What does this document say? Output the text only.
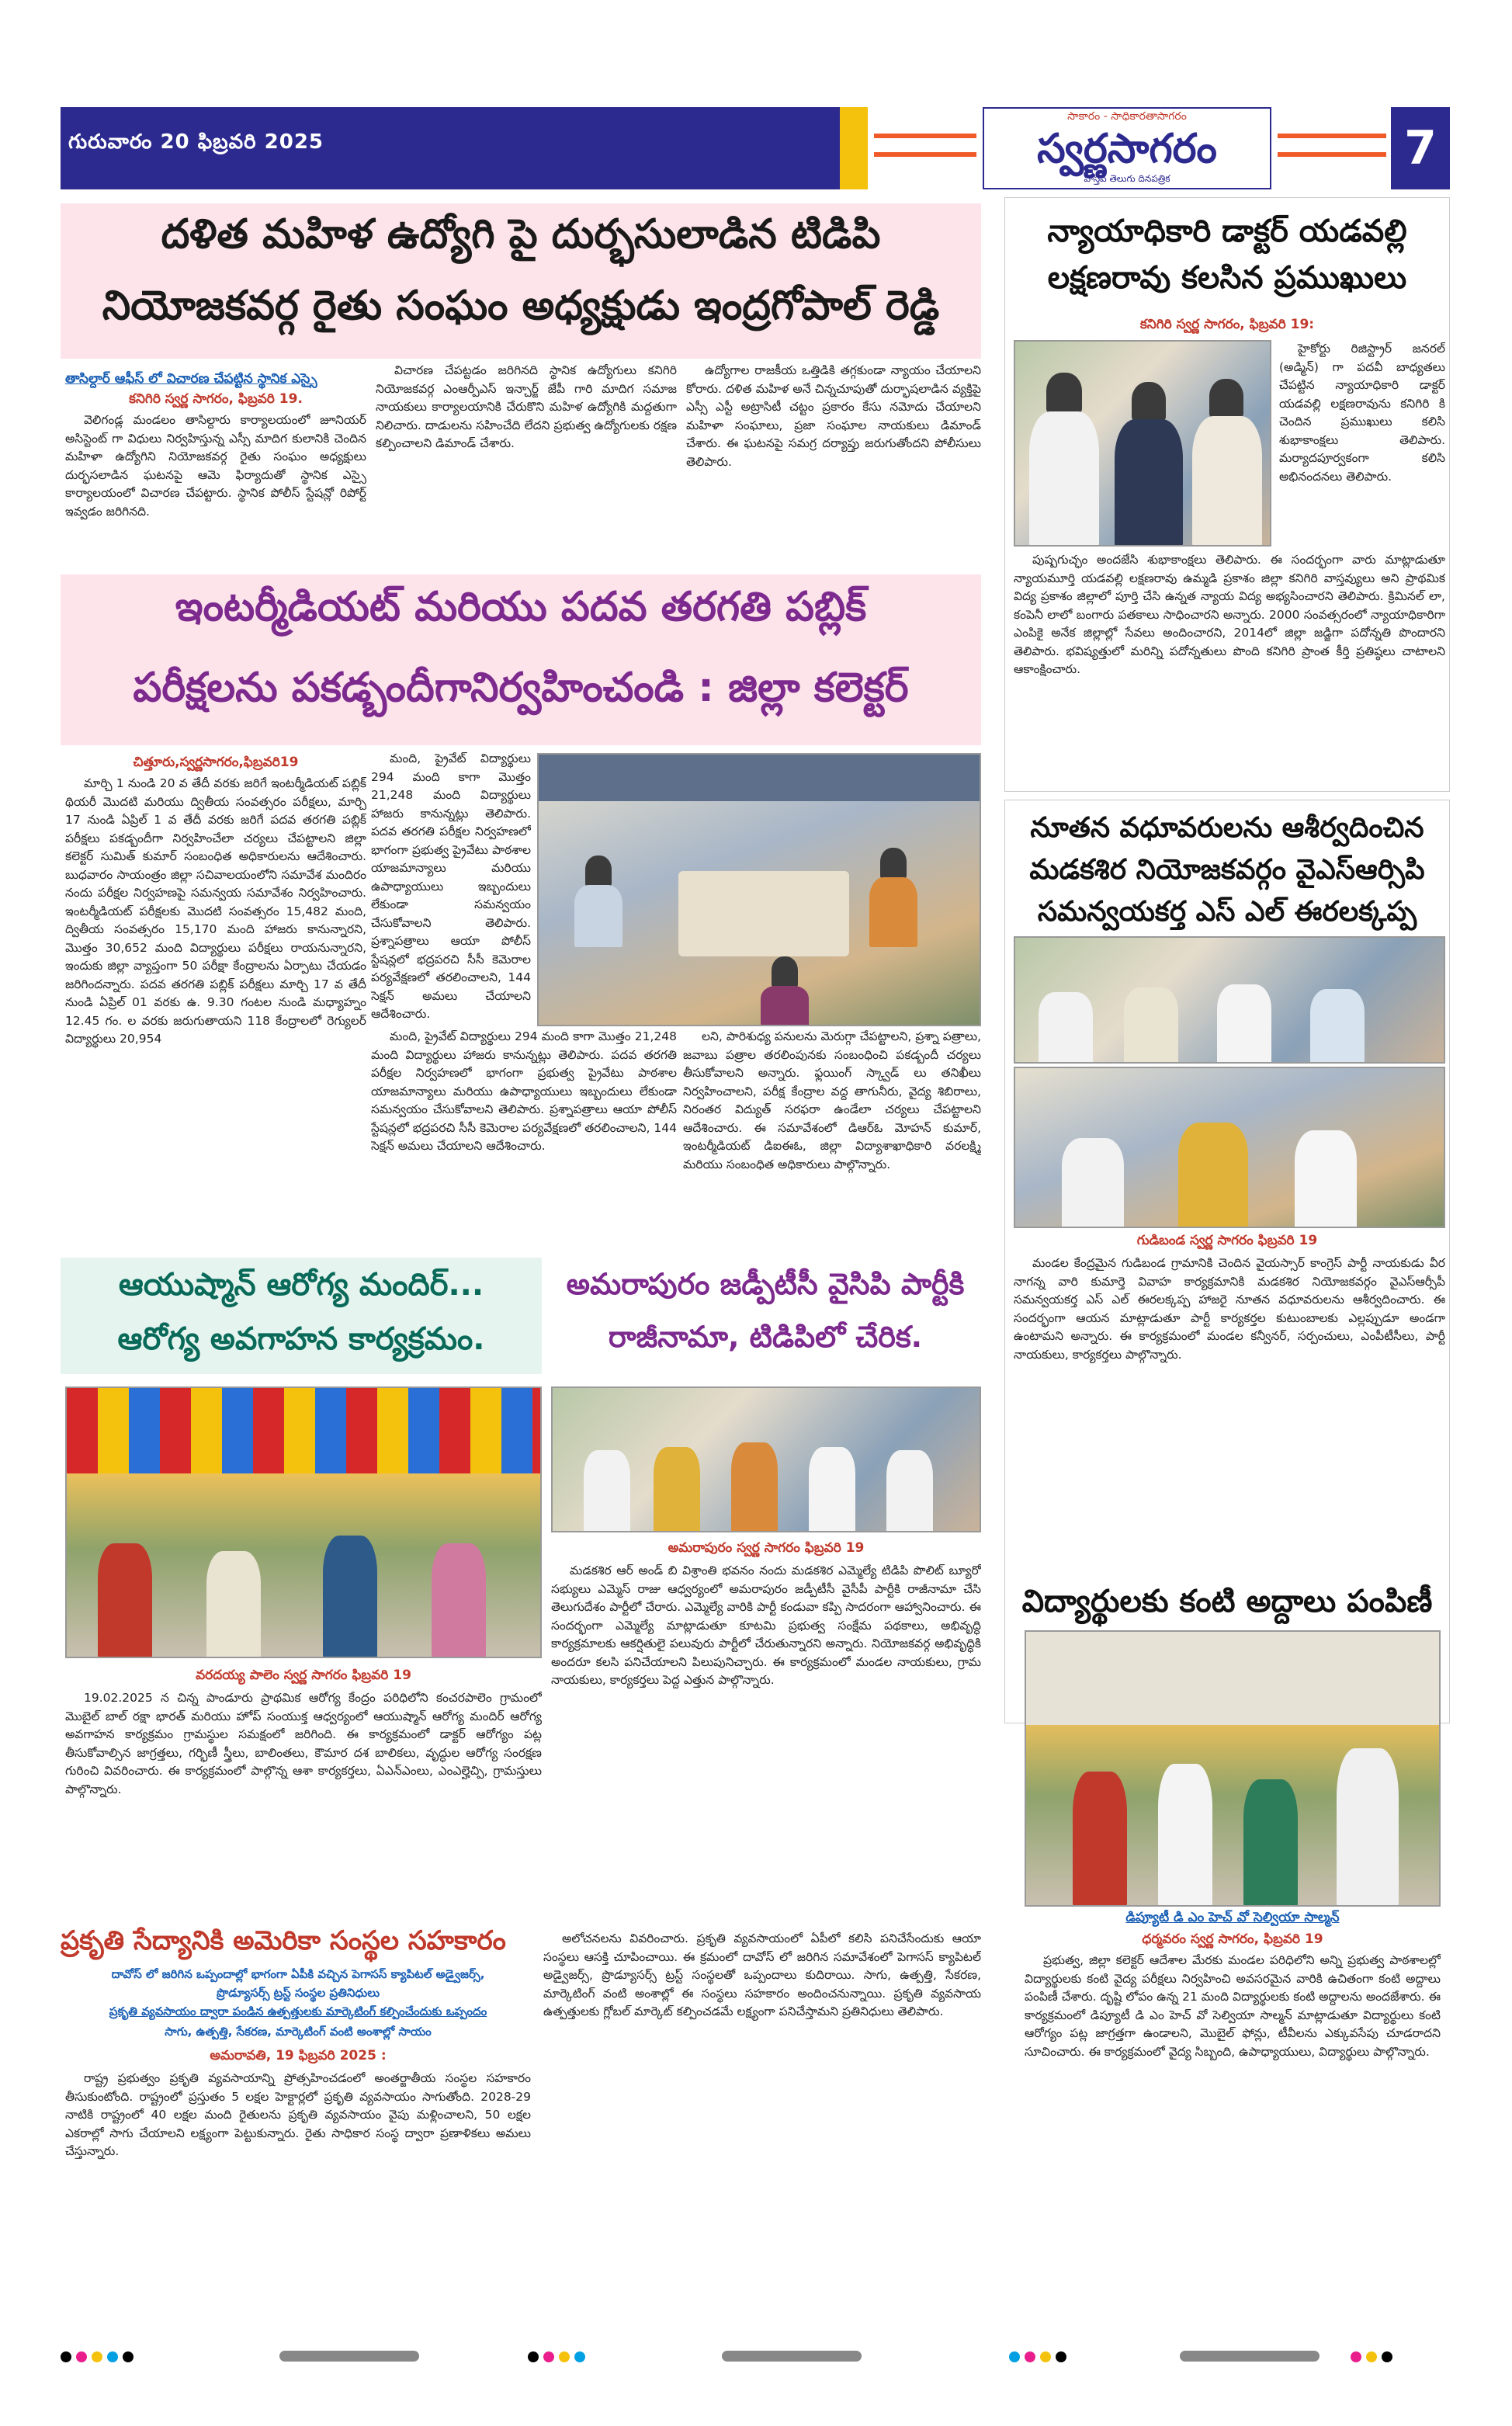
గురువారం 20 ఫిబ్రవరి 2025
సాకారం - సాధికారతాసాగరం
స్వర్ణసాగరం
వాస్తవ తెలుగు దినపత్రిక
7
దళిత మహిళ ఉద్యోగి పై దుర్భసులాడిన టిడిపి
నియోజకవర్గ రైతు సంఘం అధ్యక్షుడు ఇంద్రగోపాల్ రెడ్డి
తాసిల్దార్ ఆఫీస్ లో విచారణ చేపట్టిన స్థానిక ఎస్సై
కనిగిరి స్వర్ణ సాగరం, ఫిబ్రవరి 19.

వెలిగండ్ల మండలం తాసిల్దారు కార్యాలయంలో జూనియర్ అసిస్టెంట్ గా విధులు నిర్వహిస్తున్న ఎస్సీ మాదిగ కులానికి చెందిన మహిళా ఉద్యోగిని నియోజకవర్గ రైతు సంఘం అధ్యక్షులు దుర్భసలాడిన ఘటనపై ఆమె ఫిర్యాదుతో స్థానిక ఎస్సై కార్యాలయంలో విచారణ చేపట్టారు. స్థానిక పోలీస్ స్టేషన్లో రిపోర్ట్ ఇవ్వడం జరిగినది.

విచారణ చేపట్టడం జరిగినది స్థానిక ఉద్యోగులు కనిగిరి నియోజకవర్గ ఎంఆర్పీఎస్ ఇన్చార్జ్ జేపీ గారి మాదిగ సమాజ నాయకులు కార్యాలయానికి చేరుకొని మహిళ ఉద్యోగికి మద్దతుగా నిలిచారు. దాడులను సహించేది లేదని ప్రభుత్వ ఉద్యోగులకు రక్షణ కల్పించాలని డిమాండ్ చేశారు.

ఉద్యోగాల రాజకీయ ఒత్తిడికి తగ్గకుండా న్యాయం చేయాలని కోరారు. దళిత మహిళ అనే చిన్నచూపుతో దుర్భాషలాడిన వ్యక్తిపై ఎస్సీ ఎస్టీ అట్రాసిటీ చట్టం ప్రకారం కేసు నమోదు చేయాలని మహిళా సంఘాలు, ప్రజా సంఘాల నాయకులు డిమాండ్ చేశారు. ఈ ఘటనపై సమగ్ర దర్యాప్తు జరుగుతోందని పోలీసులు తెలిపారు.

న్యాయాధికారి డాక్టర్ యడవల్లి లక్షణరావు కలసిన ప్రముఖులు
కనిగిరి స్వర్ణ సాగరం, ఫిబ్రవరి 19:

హైకోర్టు రిజిస్ట్రార్ జనరల్ (అడ్మిన్) గా పదవీ బాధ్యతలు చేపట్టిన న్యాయాధికారి డాక్టర్ యడవల్లి లక్షణరావును కనిగిరి కి చెందిన ప్రముఖులు కలిసి శుభాకాంక్షలు తెలిపారు. మర్యాదపూర్వకంగా కలిసి అభినందనలు తెలిపారు.

పుష్పగుచ్ఛం అందజేసి శుభాకాంక్షలు తెలిపారు. ఈ సందర్భంగా వారు మాట్లాడుతూ న్యాయమూర్తి యడవల్లి లక్షణరావు ఉమ్మడి ప్రకాశం జిల్లా కనిగిరి వాస్తవ్యులు అని ప్రాథమిక విద్య ప్రకాశం జిల్లాలో పూర్తి చేసి ఉన్నత న్యాయ విద్య అభ్యసించారని తెలిపారు. క్రిమినల్ లా, కంపెనీ లాలో బంగారు పతకాలు సాధించారని అన్నారు. 2000 సంవత్సరంలో న్యాయాధికారిగా ఎంపికై అనేక జిల్లాల్లో సేవలు అందించారని, 2014లో జిల్లా జడ్జిగా పదోన్నతి పొందారని తెలిపారు. భవిష్యత్తులో మరిన్ని పదోన్నతులు పొంది కనిగిరి ప్రాంత కీర్తి ప్రతిష్ఠలు చాటాలని ఆకాంక్షించారు.

ఇంటర్మీడియట్ మరియు పదవ తరగతి పబ్లిక్
పరీక్షలను పకడ్బందీగానిర్వహించండి : జిల్లా కలెక్టర్
చిత్తూరు,స్వర్ణసాగరం,ఫిబ్రవరి19

మార్చి 1 నుండి 20 వ తేదీ వరకు జరిగే ఇంటర్మీడియట్ పబ్లిక్ థియరీ మొదటి మరియు ద్వితీయ సంవత్సరం పరీక్షలు, మార్చి 17 నుండి ఏప్రిల్ 1 వ తేదీ వరకు జరిగే పదవ తరగతి పబ్లిక్ పరీక్షలు పకడ్బందీగా నిర్వహించేలా చర్యలు చేపట్టాలని జిల్లా కలెక్టర్ సుమిత్ కుమార్ సంబంధిత అధికారులను ఆదేశించారు. బుధవారం సాయంత్రం జిల్లా సచివాలయంలోని సమావేశ మందిరం నందు పరీక్షల నిర్వహణపై సమన్వయ సమావేశం నిర్వహించారు. ఇంటర్మీడియట్ పరీక్షలకు మొదటి సంవత్సరం 15,482 మంది, ద్వితీయ సంవత్సరం 15,170 మంది హాజరు కానున్నారని, మొత్తం 30,652 మంది విద్యార్థులు పరీక్షలు రాయనున్నారని, ఇందుకు జిల్లా వ్యాప్తంగా 50 పరీక్షా కేంద్రాలను ఏర్పాటు చేయడం జరిగిందన్నారు. పదవ తరగతి పబ్లిక్ పరీక్షలు మార్చి 17 వ తేదీ నుండి ఏప్రిల్ 01 వరకు ఉ. 9.30 గంటల నుండి మధ్యాహ్నం 12.45 గం. ల వరకు జరుగుతాయని 118 కేంద్రాలలో రెగ్యులర్ విద్యార్థులు 20,954

మంది, ప్రైవేట్ విద్యార్థులు 294 మంది కాగా మొత్తం 21,248 మంది విద్యార్థులు హాజరు కానున్నట్లు తెలిపారు. పదవ తరగతి పరీక్షల నిర్వహణలో భాగంగా ప్రభుత్వ ప్రైవేటు పాఠశాల యాజమాన్యాలు మరియు ఉపాధ్యాయులు ఇబ్బందులు లేకుండా సమన్వయం చేసుకోవాలని తెలిపారు. ప్రశ్నాపత్రాలు ఆయా పోలీస్ స్టేషన్లలో భద్రపరచి సీసీ కెమెరాల పర్యవేక్షణలో తరలించాలని, 144 సెక్షన్ అమలు చేయాలని ఆదేశించారు.

మంది, ప్రైవేట్ విద్యార్థులు 294 మంది కాగా మొత్తం 21,248 మంది విద్యార్థులు హాజరు కానున్నట్లు తెలిపారు. పదవ తరగతి పరీక్షల నిర్వహణలో భాగంగా ప్రభుత్వ ప్రైవేటు పాఠశాల యాజమాన్యాలు మరియు ఉపాధ్యాయులు ఇబ్బందులు లేకుండా సమన్వయం చేసుకోవాలని తెలిపారు. ప్రశ్నాపత్రాలు ఆయా పోలీస్ స్టేషన్లలో భద్రపరచి సీసీ కెమెరాల పర్యవేక్షణలో తరలించాలని, 144 సెక్షన్ అమలు చేయాలని ఆదేశించారు.

లని, పారిశుధ్య పనులను మెరుగ్గా చేపట్టాలని, ప్రశ్నా పత్రాలు, జవాబు పత్రాల తరలింపునకు సంబంధించి పకడ్బందీ చర్యలు తీసుకోవాలని అన్నారు. ఫ్లయింగ్ స్క్వాడ్ లు తనిఖీలు నిర్వహించాలని, పరీక్ష కేంద్రాల వద్ద తాగునీరు, వైద్య శిబిరాలు, నిరంతర విద్యుత్ సరఫరా ఉండేలా చర్యలు చేపట్టాలని ఆదేశించారు. ఈ సమావేశంలో డిఆర్ఓ మోహన్ కుమార్, ఇంటర్మీడియట్ డిఐఈఓ, జిల్లా విద్యాశాఖాధికారి వరలక్ష్మి మరియు సంబంధిత అధికారులు పాల్గొన్నారు.

నూతన వధూవరులను ఆశీర్వదించిన మడకశిర నియోజకవర్గం వైఎస్ఆర్సిపి సమన్వయకర్త ఎస్ ఎల్ ఈరలక్కప్ప
గుడిబండ స్వర్ణ సాగరం ఫిబ్రవరి 19

మండల కేంద్రమైన గుడిబండ గ్రామానికి చెందిన వైయస్సార్ కాంగ్రెస్ పార్టీ నాయకుడు వీర నాగన్న వారి కుమార్తె వివాహ కార్యక్రమానికి మడకశిర నియోజకవర్గం వైఎస్ఆర్సీపీ సమన్వయకర్త ఎస్ ఎల్ ఈరలక్కప్ప హాజరై నూతన వధూవరులను ఆశీర్వదించారు. ఈ సందర్భంగా ఆయన మాట్లాడుతూ పార్టీ కార్యకర్తల కుటుంబాలకు ఎల్లప్పుడూ అండగా ఉంటామని అన్నారు. ఈ కార్యక్రమంలో మండల కన్వీనర్, సర్పంచులు, ఎంపీటీసీలు, పార్టీ నాయకులు, కార్యకర్తలు పాల్గొన్నారు.

విద్యార్థులకు కంటి అద్దాలు పంపిణీ
డిప్యూటీ డి ఎం హెచ్ వో సెల్వియా సాల్మన్
ధర్మవరం స్వర్ణ సాగరం, ఫిబ్రవరి 19

ప్రభుత్వ, జిల్లా కలెక్టర్ ఆదేశాల మేరకు మండల పరిధిలోని అన్ని ప్రభుత్వ పాఠశాలల్లో విద్యార్థులకు కంటి వైద్య పరీక్షలు నిర్వహించి అవసరమైన వారికి ఉచితంగా కంటి అద్దాలు పంపిణీ చేశారు. దృష్టి లోపం ఉన్న 21 మంది విద్యార్థులకు కంటి అద్దాలను అందజేశారు. ఈ కార్యక్రమంలో డిప్యూటీ డి ఎం హెచ్ వో సెల్వియా సాల్మన్ మాట్లాడుతూ విద్యార్థులు కంటి ఆరోగ్యం పట్ల జాగ్రత్తగా ఉండాలని, మొబైల్ ఫోన్లు, టీవీలను ఎక్కువసేపు చూడరాదని సూచించారు. ఈ కార్యక్రమంలో వైద్య సిబ్బంది, ఉపాధ్యాయులు, విద్యార్థులు పాల్గొన్నారు.

ఆయుష్మాన్ ఆరోగ్య మందిర్...
ఆరోగ్య అవగాహన కార్యక్రమం.
వరదయ్య పాలెం స్వర్ణ సాగరం ఫిబ్రవరి 19

19.02.2025 న చిన్న పాండూరు ప్రాథమిక ఆరోగ్య కేంద్రం పరిధిలోని కంచరపాలెం గ్రామంలో మొబైల్ బాల్ రక్షా భారత్ మరియు హోప్ సంయుక్త ఆధ్వర్యంలో ఆయుష్మాన్ ఆరోగ్య మందిర్ ఆరోగ్య అవగాహన కార్యక్రమం గ్రామస్థుల సమక్షంలో జరిగింది. ఈ కార్యక్రమంలో డాక్టర్ ఆరోగ్యం పట్ల తీసుకోవాల్సిన జాగ్రత్తలు, గర్భిణీ స్త్రీలు, బాలింతలు, కౌమార దశ బాలికలు, వృద్ధుల ఆరోగ్య సంరక్షణ గురించి వివరించారు. ఈ కార్యక్రమంలో పాల్గొన్న ఆశా కార్యకర్తలు, ఏఎన్ఎంలు, ఎంఎల్హెచ్పి, గ్రామస్తులు పాల్గొన్నారు.

అమరాపురం జడ్పీటీసీ వైసిపి పార్టీకి
రాజీనామా, టిడిపిలో చేరిక.
అమరాపురం స్వర్ణ సాగరం ఫిబ్రవరి 19

మడకశిర ఆర్ అండ్ బి విశ్రాంతి భవనం నందు మడకశిర ఎమ్మెల్యే టిడిపి పొలిట్ బ్యూరో సభ్యులు ఎమ్మెస్ రాజు ఆధ్వర్యంలో అమరాపురం జడ్పీటీసీ వైసీపీ పార్టీకి రాజీనామా చేసి తెలుగుదేశం పార్టీలో చేరారు. ఎమ్మెల్యే వారికి పార్టీ కండువా కప్పి సాదరంగా ఆహ్వానించారు. ఈ సందర్భంగా ఎమ్మెల్యే మాట్లాడుతూ కూటమి ప్రభుత్వ సంక్షేమ పథకాలు, అభివృద్ధి కార్యక్రమాలకు ఆకర్షితులై పలువురు పార్టీలో చేరుతున్నారని అన్నారు. నియోజకవర్గ అభివృద్ధికి అందరూ కలసి పనిచేయాలని పిలుపునిచ్చారు. ఈ కార్యక్రమంలో మండల నాయకులు, గ్రామ నాయకులు, కార్యకర్తలు పెద్ద ఎత్తున పాల్గొన్నారు.

ప్రకృతి సేద్యానికి అమెరికా సంస్థల సహకారం
దావోస్ లో జరిగిన ఒప్పందాల్లో భాగంగా ఏపీకి వచ్చిన పెగాసస్ క్యాపిటల్ అడ్వైజర్స్,
ప్రొడ్యూసర్స్ ట్రస్ట్ సంస్థల ప్రతినిధులు
ప్రకృతి వ్యవసాయం ద్వారా పండిన ఉత్పత్తులకు మార్కెటింగ్ కల్పించేందుకు ఒప్పందం
సాగు, ఉత్పత్తి, సేకరణ, మార్కెటింగ్ వంటి అంశాల్లో సాయం
అమరావతి, 19 ఫిబ్రవరి 2025 :

రాష్ట్ర ప్రభుత్వం ప్రకృతి వ్యవసాయాన్ని ప్రోత్సహించడంలో అంతర్జాతీయ సంస్థల సహకారం తీసుకుంటోంది. రాష్ట్రంలో ప్రస్తుతం 5 లక్షల హెక్టార్లలో ప్రకృతి వ్యవసాయం సాగుతోంది. 2028-29 నాటికి రాష్ట్రంలో 40 లక్షల మంది రైతులను ప్రకృతి వ్యవసాయం వైపు మళ్లించాలని, 50 లక్షల ఎకరాల్లో సాగు చేయాలని లక్ష్యంగా పెట్టుకున్నారు. రైతు సాధికార సంస్థ ద్వారా ప్రణాళికలు అమలు చేస్తున్నారు.

అలోచనలను వివరించారు. ప్రకృతి వ్యవసాయంలో ఏపీలో కలిసి పనిచేసేందుకు ఆయా సంస్థలు ఆసక్తి చూపించాయి. ఈ క్రమంలో దావోస్ లో జరిగిన సమావేశంలో పెగాసస్ క్యాపిటల్ అడ్వైజర్స్, ప్రొడ్యూసర్స్ ట్రస్ట్ సంస్థలతో ఒప్పందాలు కుదిరాయి. సాగు, ఉత్పత్తి, సేకరణ, మార్కెటింగ్ వంటి అంశాల్లో ఈ సంస్థలు సహకారం అందించనున్నాయి. ప్రకృతి వ్యవసాయ ఉత్పత్తులకు గ్లోబల్ మార్కెట్ కల్పించడమే లక్ష్యంగా పనిచేస్తామని ప్రతినిధులు తెలిపారు.
